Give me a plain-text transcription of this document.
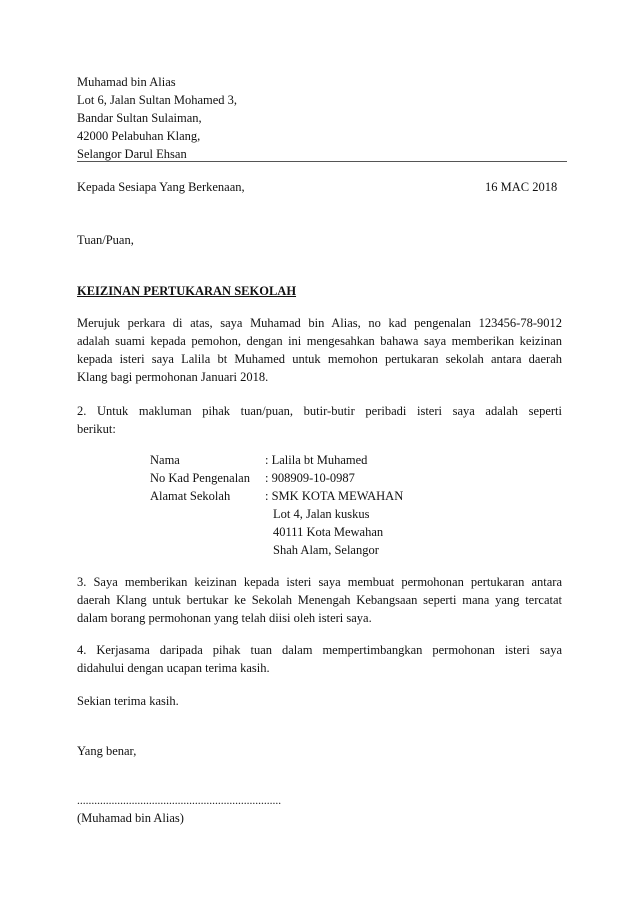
Muhamad bin Alias
Lot 6, Jalan Sultan Mohamed 3,
Bandar Sultan Sulaiman,
42000 Pelabuhan Klang,
Selangor Darul Ehsan
Kepada Sesiapa Yang Berkenaan,	16 MAC 2018
Tuan/Puan,
KEIZINAN PERTUKARAN SEKOLAH
Merujuk perkara di atas, saya Muhamad bin Alias, no kad pengenalan 123456-78-9012
adalah suami kepada pemohon, dengan ini mengesahkan bahawa saya memberikan keizinan
kepada isteri saya Lalila bt Muhamed untuk memohon pertukaran sekolah antara daerah
Klang bagi permohonan Januari 2018.
2. Untuk makluman pihak tuan/puan, butir-butir peribadi isteri saya adalah seperti
berikut:
Nama	: Lalila bt Muhamed
No Kad Pengenalan : 908909-10-0987
Alamat Sekolah	: SMK KOTA MEWAHAN
Lot 4, Jalan kuskus
40111 Kota Mewahan
Shah Alam, Selangor
3. Saya memberikan keizinan kepada isteri saya membuat permohonan pertukaran antara
daerah Klang untuk bertukar ke Sekolah Menengah Kebangsaan seperti mana yang tercatat
dalam borang permohonan yang telah diisi oleh isteri saya.
4. Kerjasama daripada pihak tuan dalam mempertimbangkan permohonan isteri saya
didahului dengan ucapan terima kasih.
Sekian terima kasih.
Yang benar,
.......................................................................
(Muhamad bin Alias)
